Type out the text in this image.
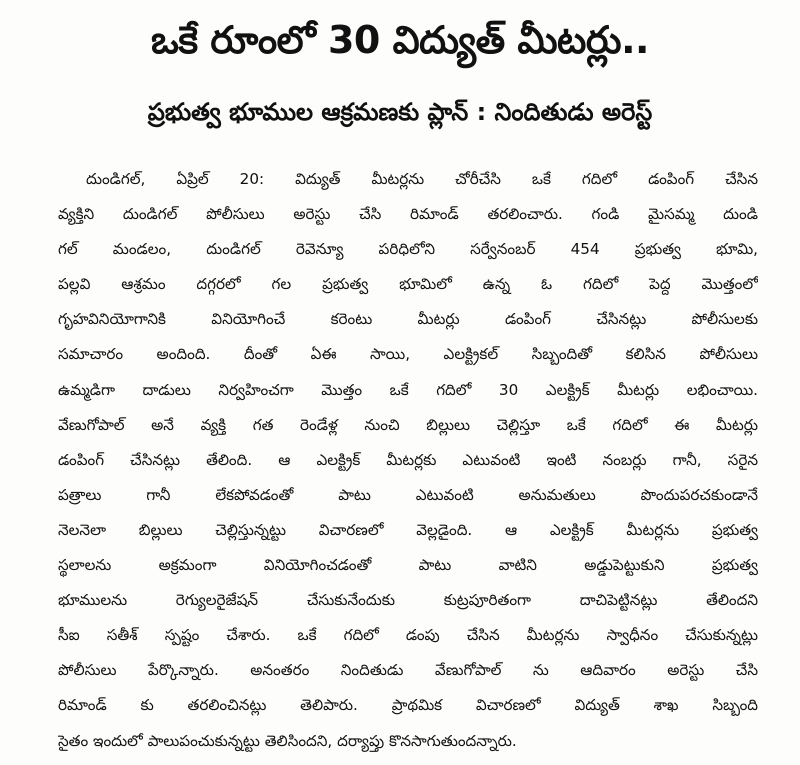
ఒకే రూంలో 30 విద్యుత్‌ మీటర్లు..
ప్రభుత్వ భూముల ఆక్రమణకు ప్లాన్‌ : నిందితుడు అరెస్ట్‌
దుండిగల్‌, ఏప్రిల్‌ 20: విద్యుత్‌ మీటర్లను చోరీచేసి ఒకే గదిలో డంపింగ్‌ చేసిన
వ్యక్తిని దుండిగల్‌ పోలీసులు అరెస్టు చేసి రిమాండ్‌ తరలించారు. గండి మైసమ్మ దుండి
గల్‌ మండలం, దుండిగల్‌ రెవెన్యూ పరిధిలోని సర్వేనంబర్‌ 454 ప్రభుత్వ భూమి,
పల్లవి ఆశ్రమం దగ్గరలో గల ప్రభుత్వ భూమిలో ఉన్న ఓ గదిలో పెద్ద మొత్తంలో
గృహవినియోగానికి వినియోగించే కరెంటు మీటర్లు డంపింగ్‌ చేసినట్లు పోలీసులకు
సమాచారం అందింది. దీంతో ఏఈ సాయి, ఎలక్ట్రికల్‌ సిబ్బందితో కలిసిన పోలీసులు
ఉమ్మడిగా దాడులు నిర్వహించగా మొత్తం ఒకే గదిలో 30 ఎలక్ట్రిక్‌ మీటర్లు లభించాయి.
వేణుగోపాల్‌ అనే వ్యక్తి గత రెండేళ్ల నుంచి బిల్లులు చెల్లిస్తూ ఒకే గదిలో ఈ మీటర్లు
డంపింగ్‌ చేసినట్లు తేలింది. ఆ ఎలక్ట్రిక్‌ మీటర్లకు ఎటువంటి ఇంటి నంబర్లు గానీ, సరైన
పత్రాలు గానీ లేకపోవడంతో పాటు ఎటువంటి అనుమతులు పొందుపరచకుండానే
నెలనెలా బిల్లులు చెల్లిస్తున్నట్టు విచారణలో వెల్లడైంది. ఆ ఎలక్ట్రిక్‌ మీటర్లను ప్రభుత్వ
స్థలాలను అక్రమంగా వినియోగించడంతో పాటు వాటిని అడ్డుపెట్టుకుని ప్రభుత్వ
భూములను రెగ్యులరైజేషన్‌ చేసుకునేందుకు కుట్రపూరితంగా దాచిపెట్టినట్లు తేలిందని
సీఐ సతీశ్‌ స్పష్టం చేశారు. ఒకే గదిలో డంపు చేసిన మీటర్లను స్వాధీనం చేసుకున్నట్లు
పోలీసులు పేర్కొన్నారు. అనంతరం నిందితుడు వేణుగోపాల్‌ ను ఆదివారం అరెస్టు చేసి
రిమాండ్‌ కు తరలించినట్లు తెలిపారు. ప్రాథమిక విచారణలో విద్యుత్‌ శాఖ సిబ్బంది
సైతం ఇందులో పాలుపంచుకున్నట్టు తెలిసిందని, దర్యాప్తు కొనసాగుతుందన్నారు.
